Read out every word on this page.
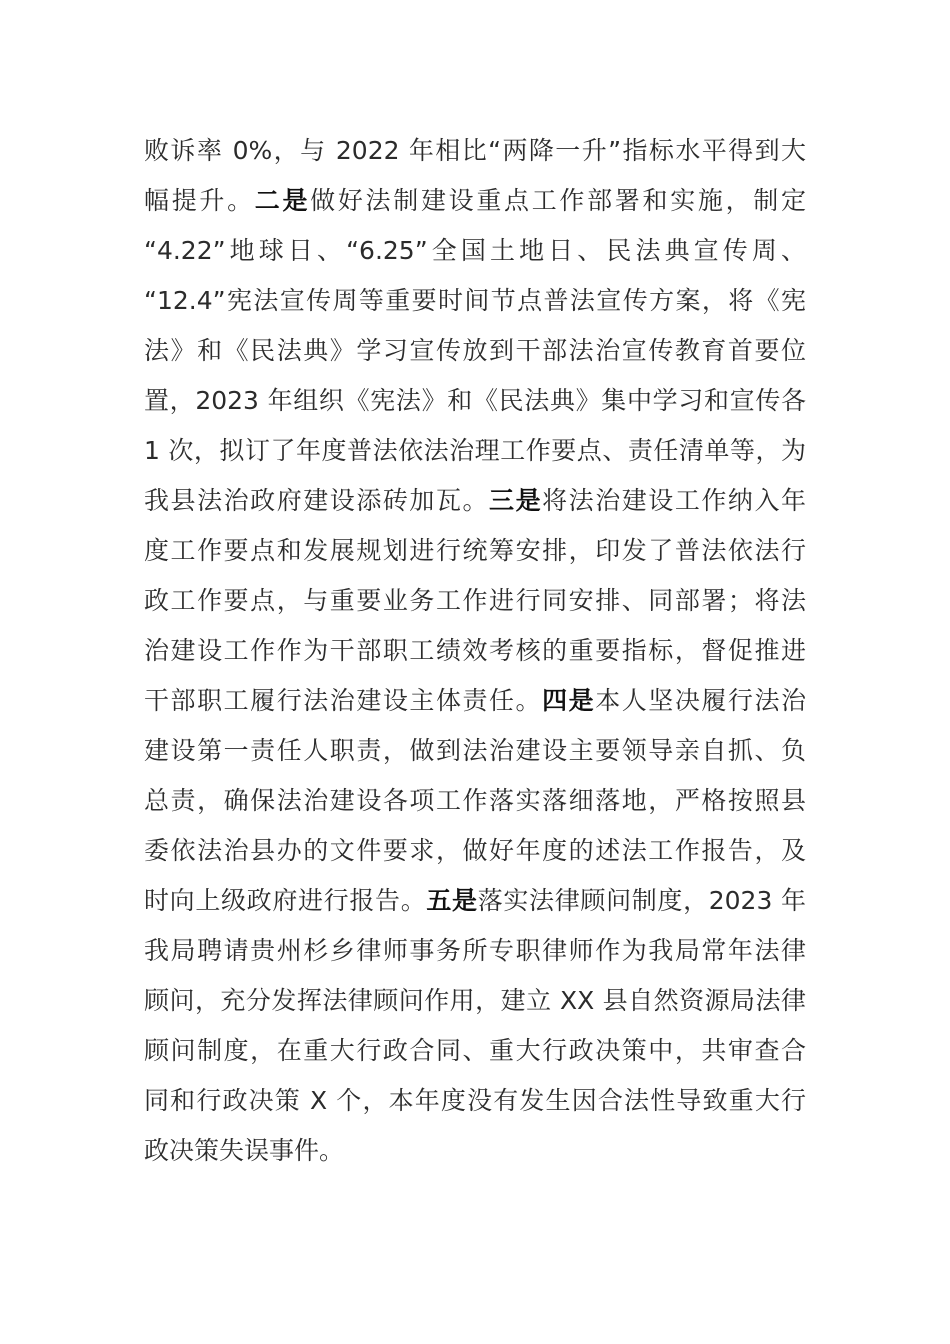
败诉率 0%，与 2022 年相比“两降一升”指标水平得到大
幅提升。二是做好法制建设重点工作部署和实施，制定
“4.22”地球日、“6.25”全国土地日、民法典宣传周、
“12.4”宪法宣传周等重要时间节点普法宣传方案，将《宪
法》和《民法典》学习宣传放到干部法治宣传教育首要位
置，2023 年组织《宪法》和《民法典》集中学习和宣传各
1 次，拟订了年度普法依法治理工作要点、责任清单等，为
我县法治政府建设添砖加瓦。三是将法治建设工作纳入年
度工作要点和发展规划进行统筹安排，印发了普法依法行
政工作要点，与重要业务工作进行同安排、同部署；将法
治建设工作作为干部职工绩效考核的重要指标，督促推进
干部职工履行法治建设主体责任。四是本人坚决履行法治
建设第一责任人职责，做到法治建设主要领导亲自抓、负
总责，确保法治建设各项工作落实落细落地，严格按照县
委依法治县办的文件要求，做好年度的述法工作报告，及
时向上级政府进行报告。五是落实法律顾问制度，2023 年
我局聘请贵州杉乡律师事务所专职律师作为我局常年法律
顾问，充分发挥法律顾问作用，建立 XX 县自然资源局法律
顾问制度，在重大行政合同、重大行政决策中，共审查合
同和行政决策 X 个，本年度没有发生因合法性导致重大行
政决策失误事件。
